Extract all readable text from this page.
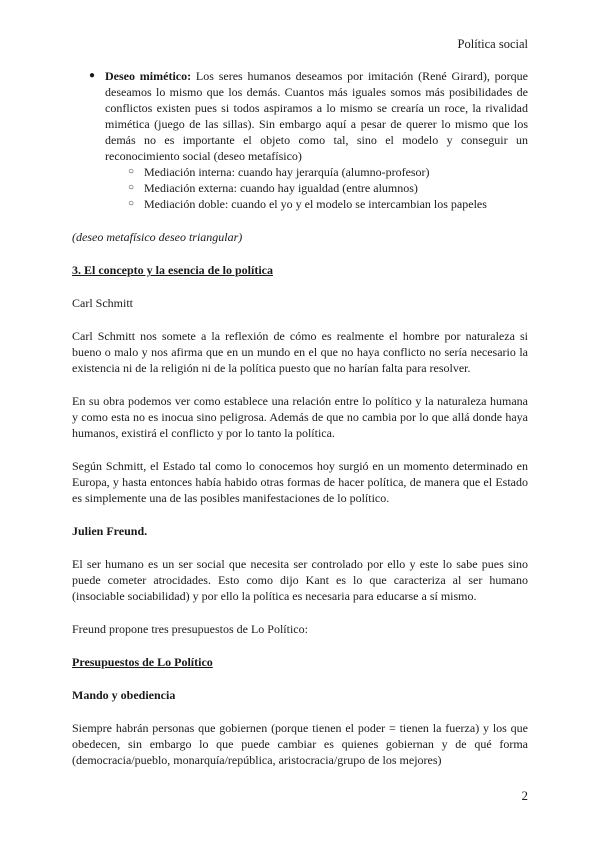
Política social
● Deseo mimético: Los seres humanos deseamos por imitación (René Girard), porque deseamos lo mismo que los demás. Cuantos más iguales somos más posibilidades de conflictos existen pues si todos aspiramos a lo mismo se crearía un roce, la rivalidad mimética (juego de las sillas). Sin embargo aquí a pesar de querer lo mismo que los demás no es importante el objeto como tal, sino el modelo y conseguir un reconocimiento social (deseo metafísico)

○ Mediación interna: cuando hay jerarquía (alumno-profesor)
○ Mediación externa: cuando hay igualdad (entre alumnos)
○ Mediación doble: cuando el yo y el modelo se intercambian los papeles

(deseo metafísico deseo triangular)

3. El concepto y la esencia de lo política

Carl Schmitt

Carl Schmitt nos somete a la reflexión de cómo es realmente el hombre por naturaleza si bueno o malo y nos afirma que en un mundo en el que no haya conflicto no sería necesario la existencia ni de la religión ni de la política puesto que no harían falta para resolver.

En su obra podemos ver como establece una relación entre lo político y la naturaleza humana y como esta no es inocua sino peligrosa. Además de que no cambia por lo que allá donde haya humanos, existirá el conflicto y por lo tanto la política.

Según Schmitt, el Estado tal como lo conocemos hoy surgió en un momento determinado en Europa, y hasta entonces había habido otras formas de hacer política, de manera que el Estado es simplemente una de las posibles manifestaciones de lo político.

Julien Freund.

El ser humano es un ser social que necesita ser controlado por ello y este lo sabe pues sino puede cometer atrocidades. Esto como dijo Kant es lo que caracteriza al ser humano (insociable sociabilidad) y por ello la política es necesaria para educarse a sí mismo.

Freund propone tres presupuestos de Lo Político:

Presupuestos de Lo Político

Mando y obediencia

Siempre habrán personas que gobiernen (porque tienen el poder = tienen la fuerza) y los que obedecen, sin embargo lo que puede cambiar es quienes gobiernan y de qué forma (democracia/pueblo, monarquía/república, aristocracia/grupo de los mejores)

2
